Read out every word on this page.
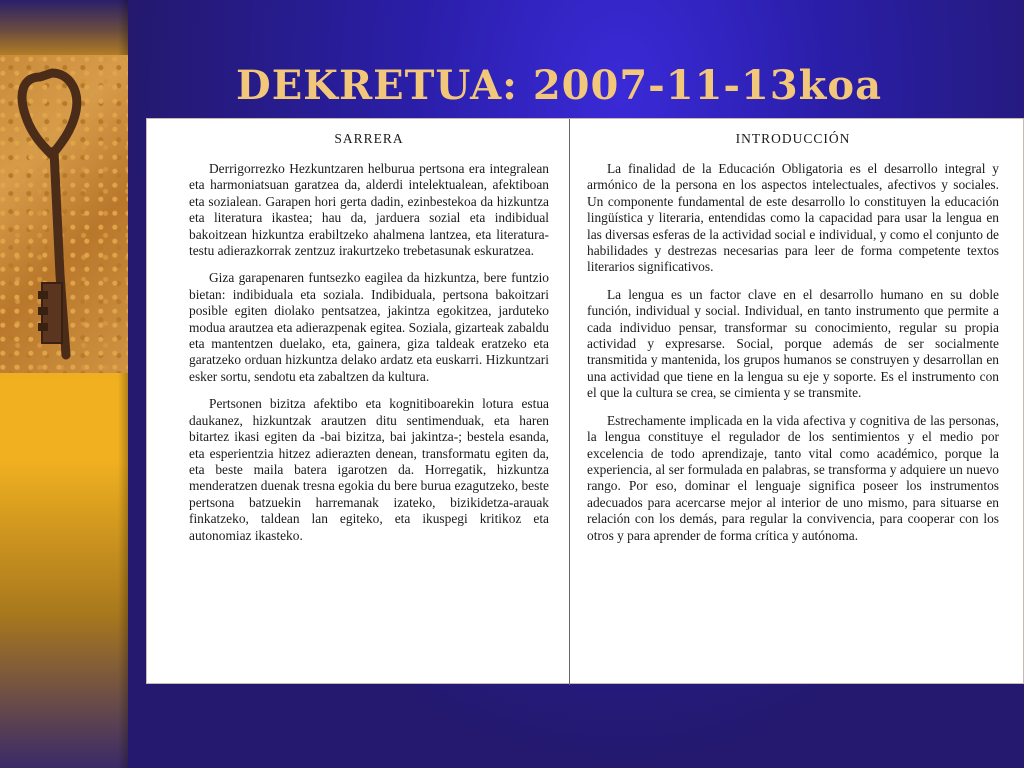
DEKRETUA: 2007-11-13koa
SARRERA

Derrigorrezko Hezkuntzaren helburua pertsona era integralean eta harmoniatsuan garatzea da, alderdi intelektualean, afektiboan eta sozialean. Garapen hori gerta dadin, ezinbestekoa da hizkuntza eta literatura ikastea; hau da, jarduera sozial eta indibidual bakoitzean hizkuntza erabiltzeko ahalmena lantzea, eta literatura-testu adierazkorrak zentzuz irakurtzeko trebetasunak eskuratzea.

Giza garapenaren funtsezko eagilea da hizkuntza, bere funtzio bietan: indibiduala eta soziala. Indibiduala, pertsona bakoitzari posible egiten diolako pentsatzea, jakintza egokitzea, jarduteko modua arautzea eta adierazpenak egitea. Soziala, gizarteak zabaldu eta mantentzen duelako, eta, gainera, giza taldeak eratzeko eta garatzeko orduan hizkuntza delako ardatz eta euskarri. Hizkuntzari esker sortu, sendotu eta zabaltzen da kultura.

Pertsonen bizitza afektibo eta kognitiboarekin lotura estua daukanez, hizkuntzak arautzen ditu sentimenduak, eta haren bitartez ikasi egiten da -bai bizitza, bai jakintza-; bestela esanda, eta esperientzia hitzez adierazten denean, transformatu egiten da, eta beste maila batera igarotzen da. Horregatik, hizkuntza menderatzen duenak tresna egokia du bere burua ezagutzeko, beste pertsona batzuekin harremanak izateko, bizikidetza-arauak finkatzeko, taldean lan egiteko, eta ikuspegi kritikoz eta autonomiaz ikasteko.

INTRODUCCIÓN

La finalidad de la Educación Obligatoria es el desarrollo integral y armónico de la persona en los aspectos intelectuales, afectivos y sociales. Un componente fundamental de este desarrollo lo constituyen la educación lingüística y literaria, entendidas como la capacidad para usar la lengua en las diversas esferas de la actividad social e individual, y como el conjunto de habilidades y destrezas necesarias para leer de forma competente textos literarios significativos.

La lengua es un factor clave en el desarrollo humano en su doble función, individual y social. Individual, en tanto instrumento que permite a cada individuo pensar, transformar su conocimiento, regular su propia actividad y expresarse. Social, porque además de ser socialmente transmitida y mantenida, los grupos humanos se construyen y desarrollan en una actividad que tiene en la lengua su eje y soporte. Es el instrumento con el que la cultura se crea, se cimienta y se transmite.

Estrechamente implicada en la vida afectiva y cognitiva de las personas, la lengua constituye el regulador de los sentimientos y el medio por excelencia de todo aprendizaje, tanto vital como académico, porque la experiencia, al ser formulada en palabras, se transforma y adquiere un nuevo rango. Por eso, dominar el lenguaje significa poseer los instrumentos adecuados para acercarse mejor al interior de uno mismo, para situarse en relación con los demás, para regular la convivencia, para cooperar con los otros y para aprender de forma crítica y autónoma.
